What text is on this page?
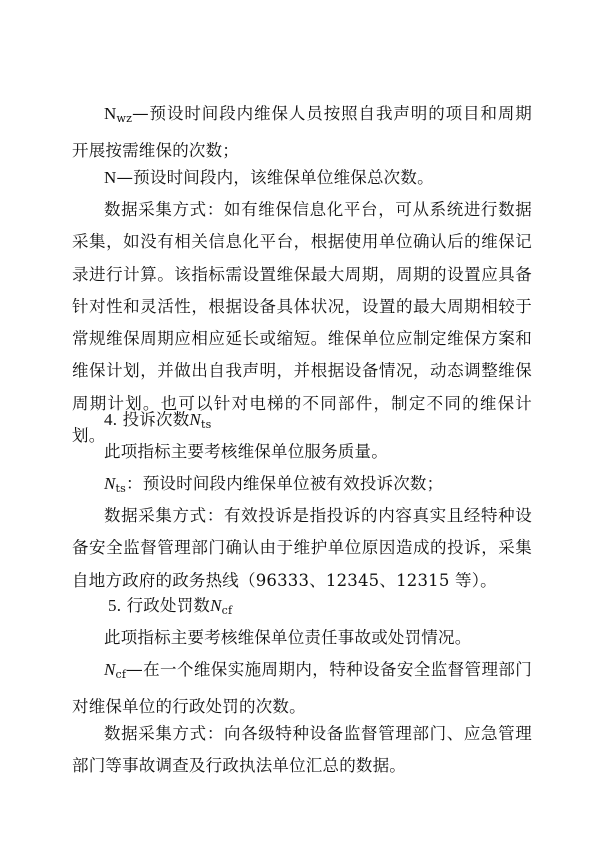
$N_{wz}—$预设时间段内维保人员按照自我声明的项目和周期开展按需维保的次数；

N—预设时间段内，该维保单位维保总次数。

数据采集方式：如有维保信息化平台，可从系统进行数据采集，如没有相关信息化平台，根据使用单位确认后的维保记录进行计算。该指标需设置维保最大周期，周期的设置应具备针对性和灵活性，根据设备具体状况，设置的最大周期相较于常规维保周期应相应延长或缩短。维保单位应制定维保方案和维保计划，并做出自我声明，并根据设备情况，动态调整维保周期计划。也可以针对电梯的不同部件，制定不同的维保计划。

4. 投诉次数$N_{ts}$

此项指标主要考核维保单位服务质量。

$N_{ts}$：预设时间段内维保单位被有效投诉次数；

数据采集方式：有效投诉是指投诉的内容真实且经特种设备安全监督管理部门确认由于维护单位原因造成的投诉，采集自地方政府的政务热线（96333、12345、12315 等）。

5. 行政处罚数$N_{cf}$

此项指标主要考核维保单位责任事故或处罚情况。

$N_{cf}—$在一个维保实施周期内，特种设备安全监督管理部门对维保单位的行政处罚的次数。

数据采集方式：向各级特种设备监督管理部门、应急管理部门等事故调查及行政执法单位汇总的数据。
